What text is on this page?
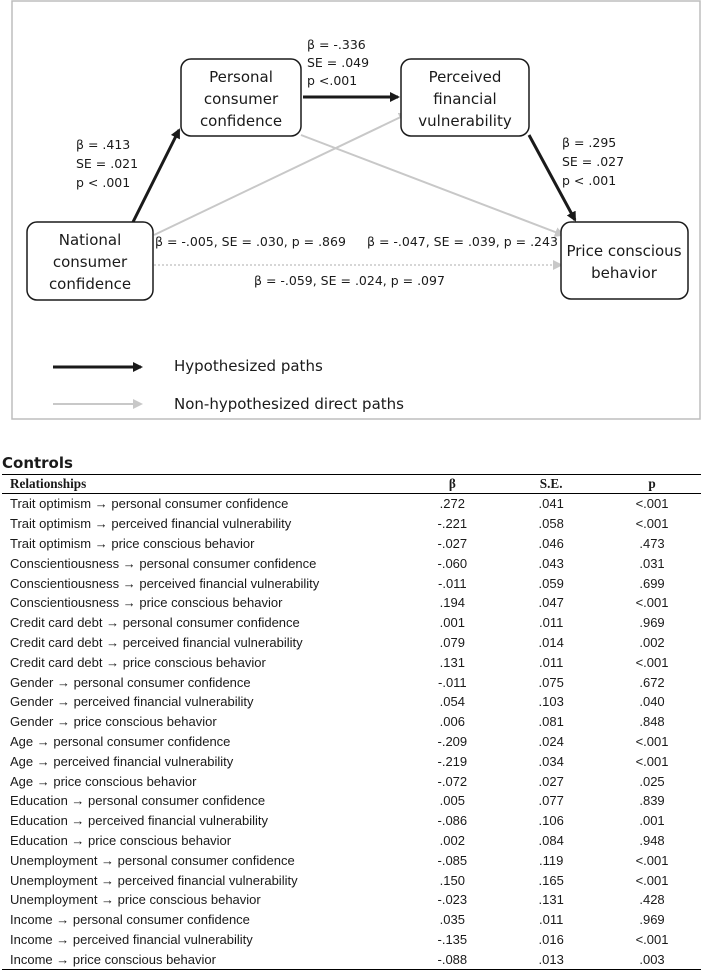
National
consumer
confidence
Personal
consumer
confidence
Perceived
financial
vulnerability
Price conscious
behavior
β = .413
SE = .021
p < .001
β = -.336
SE = .049
p <.001
β = .295
SE = .027
p < .001
β = -.005, SE = .030, p = .869 β = -.047, SE = .039, p = .243
β = -.059, SE = .024, p = .097
Hypothesized paths
Non-hypothesized direct paths
Controls
Relationships	β	S.E.	p
Trait optimism → personal consumer confidence	.272	.041	<.001
Trait optimism → perceived financial vulnerability	-.221	.058	<.001
Trait optimism → price conscious behavior	-.027	.046	.473
Conscientiousness → personal consumer confidence	-.060	.043	.031
Conscientiousness → perceived financial vulnerability	-.011	.059	.699
Conscientiousness → price conscious behavior	.194	.047	<.001
Credit card debt → personal consumer confidence	.001	.011	.969
Credit card debt → perceived financial vulnerability	.079	.014	.002
Credit card debt → price conscious behavior	.131	.011	<.001
Gender → personal consumer confidence	-.011	.075	.672
Gender → perceived financial vulnerability	.054	.103	.040
Gender → price conscious behavior	.006	.081	.848
Age → personal consumer confidence	-.209	.024	<.001
Age → perceived financial vulnerability	-.219	.034	<.001
Age → price conscious behavior	-.072	.027	.025
Education → personal consumer confidence	.005	.077	.839
Education → perceived financial vulnerability	-.086	.106	.001
Education → price conscious behavior	.002	.084	.948
Unemployment → personal consumer confidence	-.085	.119	<.001
Unemployment → perceived financial vulnerability	.150	.165	<.001
Unemployment → price conscious behavior	-.023	.131	.428
Income → personal consumer confidence	.035	.011	.969
Income → perceived financial vulnerability	-.135	.016	<.001
Income → price conscious behavior	-.088	.013	.003
